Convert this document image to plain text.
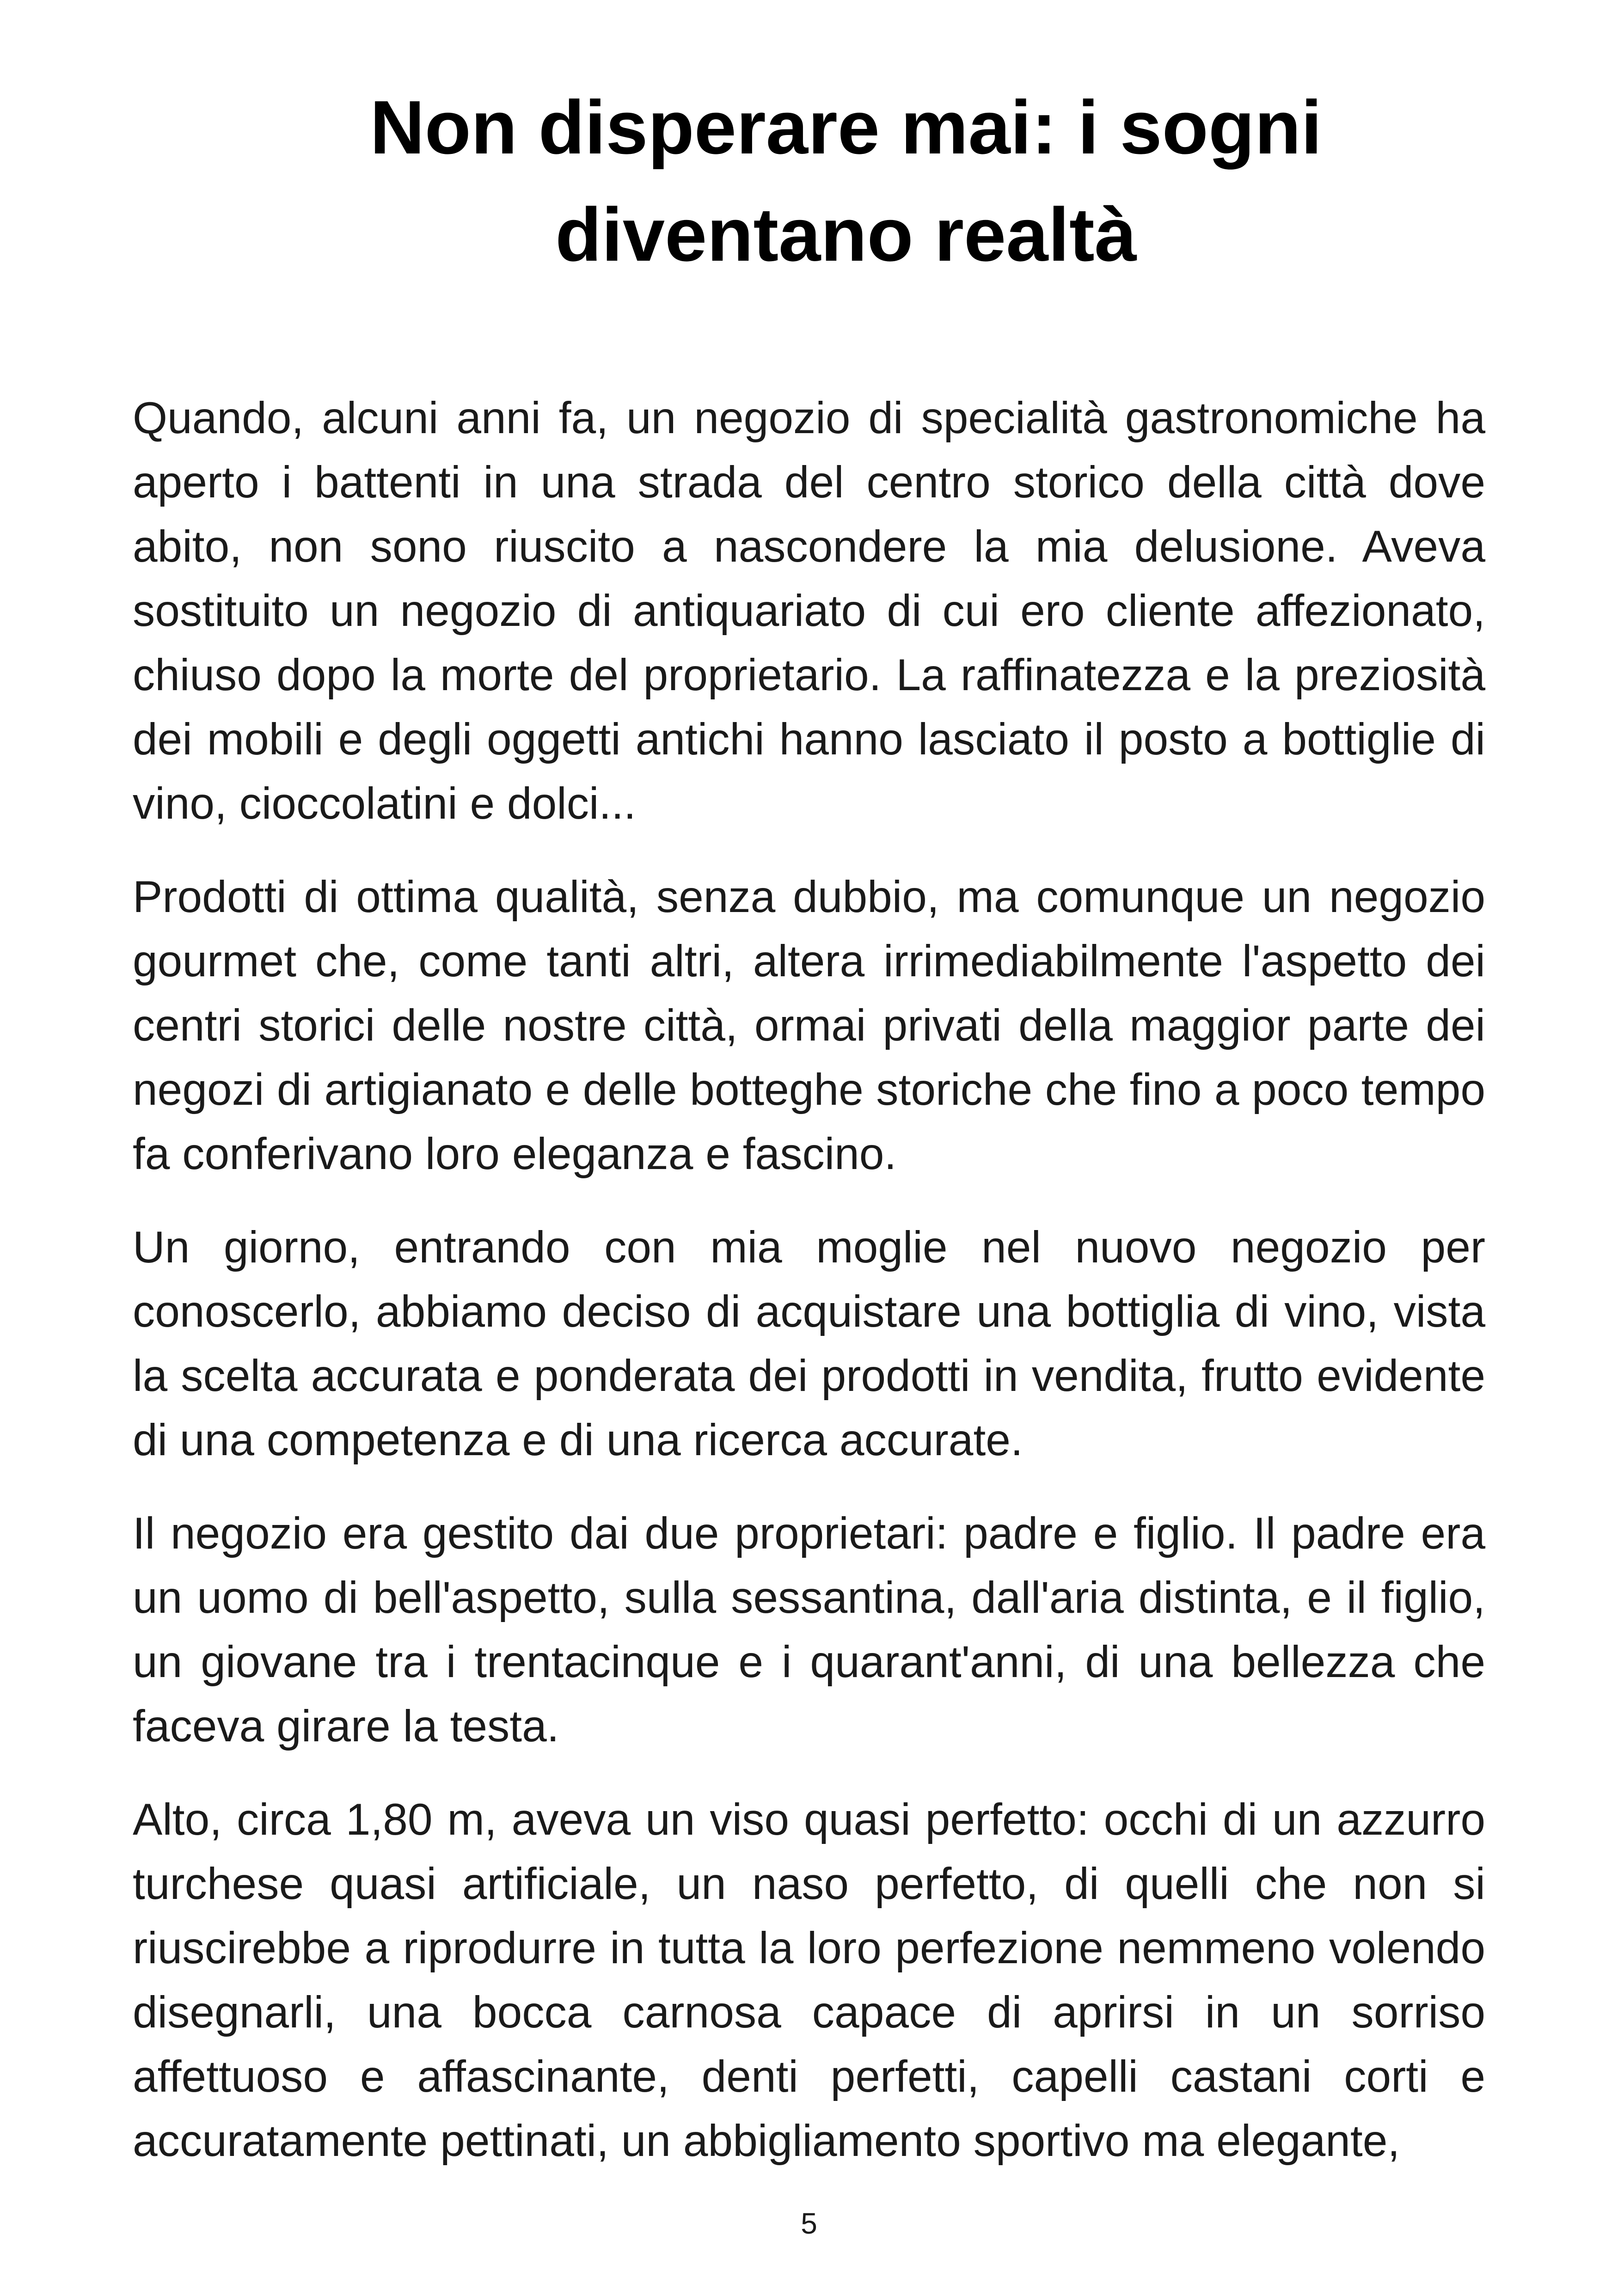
Non disperare mai: i sogni diventano realtà

Quando, alcuni anni fa, un negozio di specialità gastronomiche ha aperto i battenti in una strada del centro storico della città dove abito, non sono riuscito a nascondere la mia delusione. Aveva sostituito un negozio di antiquariato di cui ero cliente affezionato, chiuso dopo la morte del proprietario. La raffinatezza e la preziosità dei mobili e degli oggetti antichi hanno lasciato il posto a bottiglie di vino, cioccolatini e dolci...

Prodotti di ottima qualità, senza dubbio, ma comunque un negozio gourmet che, come tanti altri, altera irrimediabilmente l'aspetto dei centri storici delle nostre città, ormai privati della maggior parte dei negozi di artigianato e delle botteghe storiche che fino a poco tempo fa conferivano loro eleganza e fascino.

Un giorno, entrando con mia moglie nel nuovo negozio per conoscerlo, abbiamo deciso di acquistare una bottiglia di vino, vista la scelta accurata e ponderata dei prodotti in vendita, frutto evidente di una competenza e di una ricerca accurate.

Il negozio era gestito dai due proprietari: padre e figlio. Il padre era un uomo di bell'aspetto, sulla sessantina, dall'aria distinta, e il figlio, un giovane tra i trentacinque e i quarant'anni, di una bellezza che faceva girare la testa.

Alto, circa 1,80 m, aveva un viso quasi perfetto: occhi di un azzurro turchese quasi artificiale, un naso perfetto, di quelli che non si riuscirebbe a riprodurre in tutta la loro perfezione nemmeno volendo disegnarli, una bocca carnosa capace di aprirsi in un sorriso affettuoso e affascinante, denti perfetti, capelli castani corti e accuratamente pettinati, un abbigliamento sportivo ma elegante,

5
